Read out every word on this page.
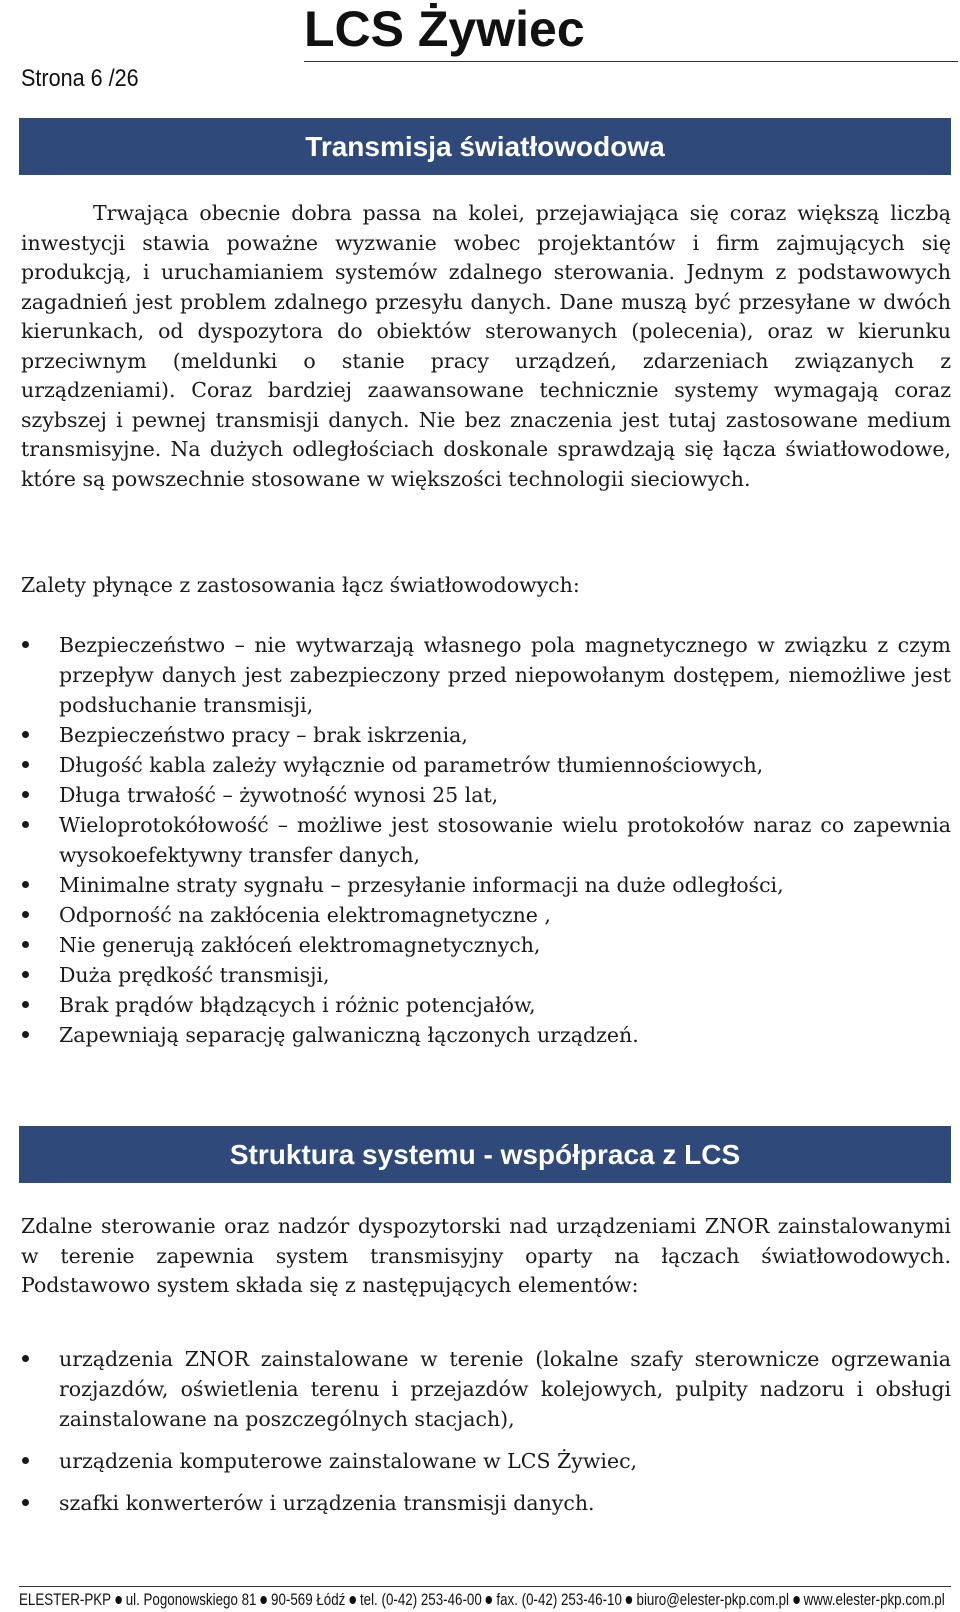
LCS Żywiec
Strona 6 /26
Transmisja światłowodowa

Trwająca obecnie dobra passa na kolei, przejawiająca się coraz większą liczbą inwestycji stawia poważne wyzwanie wobec projektantów i firm zajmujących się produkcją, i uruchamianiem systemów zdalnego sterowania. Jednym z podstawowych zagadnień jest problem zdalnego przesyłu danych. Dane muszą być przesyłane w dwóch kierunkach, od dyspozytora do obiektów sterowanych (polecenia), oraz w kierunku przeciwnym (meldunki o stanie pracy urządzeń, zdarzeniach związanych z urządzeniami). Coraz bardziej zaawansowane technicznie systemy wymagają coraz szybszej i pewnej transmisji danych. Nie bez znaczenia jest tutaj zastosowane medium transmisyjne. Na dużych odległościach doskonale sprawdzają się łącza światłowodowe, które są powszechnie stosowane w większości technologii sieciowych.

Zalety płynące z zastosowania łącz światłowodowych:

Bezpieczeństwo – nie wytwarzają własnego pola magnetycznego w związku z czym przepływ danych jest zabezpieczony przed niepowołanym dostępem, niemożliwe jest podsłuchanie transmisji,
Bezpieczeństwo pracy – brak iskrzenia,
Długość kabla zależy wyłącznie od parametrów tłumiennościowych,
Długa trwałość – żywotność wynosi 25 lat,
Wieloprotokółowość – możliwe jest stosowanie wielu protokołów naraz co zapewnia wysokoefektywny transfer danych,
Minimalne straty sygnału – przesyłanie informacji na duże odległości,
Odporność na zakłócenia elektromagnetyczne ,
Nie generują zakłóceń elektromagnetycznych,
Duża prędkość transmisji,
Brak prądów błądzących i różnic potencjałów,
Zapewniają separację galwaniczną łączonych urządzeń.
Struktura systemu - współpraca z LCS

Zdalne sterowanie oraz nadzór dyspozytorski nad urządzeniami ZNOR zainstalowanymi w terenie zapewnia system transmisyjny oparty na łączach światłowodowych. Podstawowo system składa się z następujących elementów:

urządzenia ZNOR zainstalowane w terenie (lokalne szafy sterownicze ogrzewania rozjazdów, oświetlenia terenu i przejazdów kolejowych, pulpity nadzoru i obsługi zainstalowane na poszczególnych stacjach),
urządzenia komputerowe zainstalowane w LCS Żywiec,
szafki konwerterów i urządzenia transmisji danych.
ELESTER-PKP ul. Pogonowskiego 81 90-569 Łódź tel. (0-42) 253-46-00 fax. (0-42) 253-46-10 biuro@elester-pkp.com.pl www.elester-pkp.com.pl
